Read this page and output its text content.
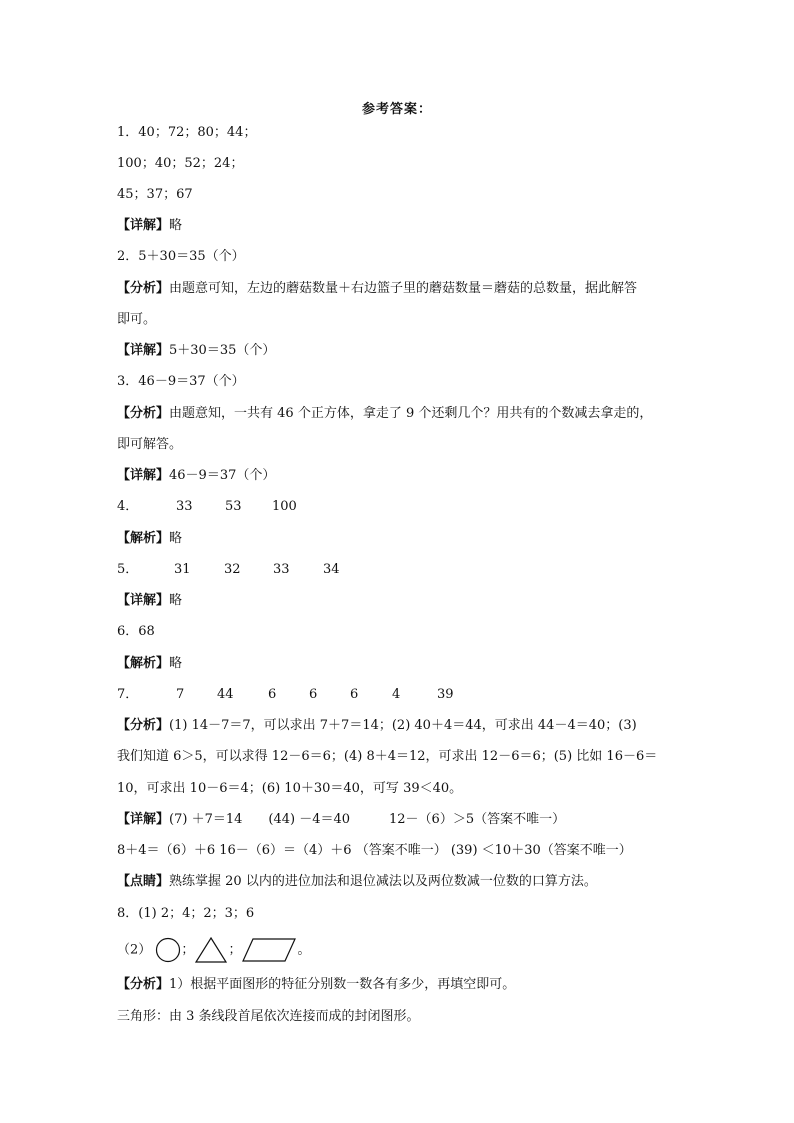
参考答案：
1．40；72；80；44；
100；40；52；24；
45；37；67
【详解】略
2．5＋30＝35（个）
【分析】由题意可知，左边的蘑菇数量＋右边篮子里的蘑菇数量＝蘑菇的总数量，据此解答
即可。
【详解】5＋30＝35（个）
3．46－9＝37（个）
【分析】由题意知，一共有 46 个正方体，拿走了 9 个还剩几个？用共有的个数减去拿走的，
即可解答。
【详解】46－9＝37（个）
4．	33 53 100
【解析】略
5．	31	32 33	34
【详解】略
6．68
【解析】略
7．	7	44	6	6	6	4	39
【分析】(1) 14－7＝7，可以求出 7＋7＝14；(2) 40＋4＝44，可求出 44－4＝40；(3)
我们知道 6＞5，可以求得 12－6＝6；(4) 8＋4＝12，可求出 12－6＝6；(5) 比如 16－6＝
10，可求出 10－6＝4；(6) 10＋30＝40，可写 39＜40。
【详解】(7) ＋7＝14　　(44) －4＝40　　　12－（6）＞5（答案不唯一）
8＋4＝（6）＋6 16－（6）＝（4）＋6 （答案不唯一） (39) ＜10＋30（答案不唯一）
【点睛】熟练掌握 20 以内的进位加法和退位减法以及两位数减一位数的口算方法。
8．(1) 2；4；2；3；6
（2） ；	；	。
【分析】1）根据平面图形的特征分别数一数各有多少，再填空即可。
三角形：由 3 条线段首尾依次连接而成的封闭图形。
